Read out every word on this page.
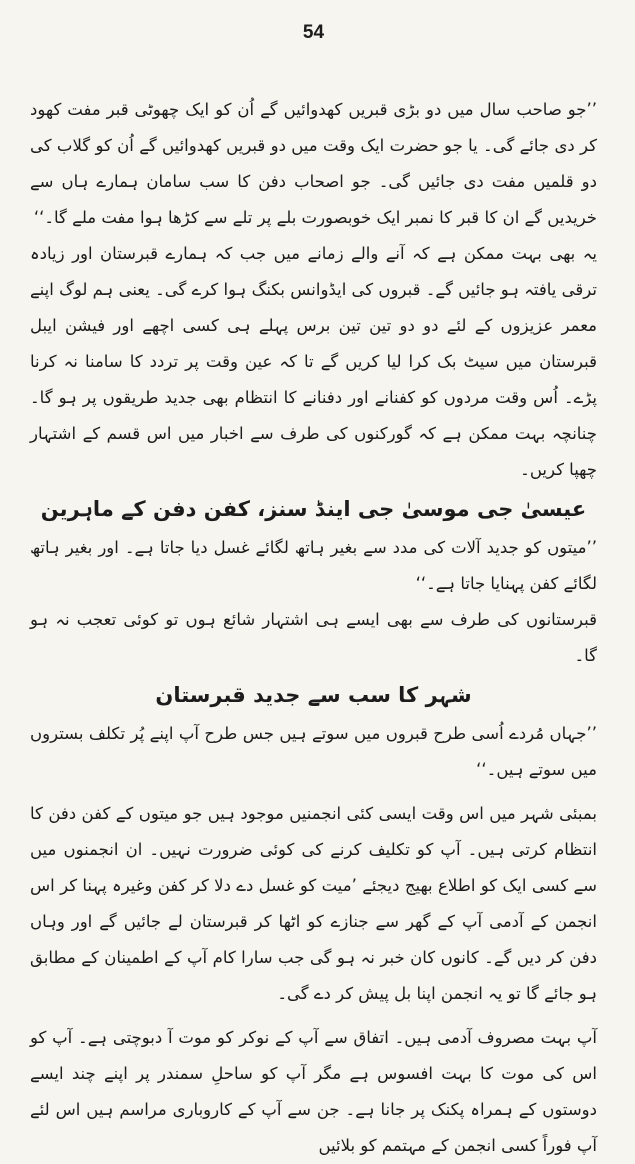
54

’’جو صاحب سال میں دو بڑی قبریں کھدوائیں گے اُن کو ایک چھوٹی قبر مفت کھود کر دی جائے گی۔ یا جو حضرت ایک وقت میں دو قبریں کھدوائیں گے اُن کو گلاب کی دو قلمیں مفت دی جائیں گی۔ جو اصحاب دفن کا سب سامان ہمارے ہاں سے خریدیں گے ان کا قبر کا نمبر ایک خوبصورت بلے پر تلے سے کڑھا ہوا مفت ملے گا۔‘‘

یہ بھی بہت ممکن ہے کہ آنے والے زمانے میں جب کہ ہمارے قبرستان اور زیادہ ترقی یافتہ ہو جائیں گے۔ قبروں کی ایڈوانس بکنگ ہوا کرے گی۔ یعنی ہم لوگ اپنے معمر عزیزوں کے لئے دو دو تین تین برس پہلے ہی کسی اچھے اور فیشن ایبل قبرستان میں سیٹ بک کرا لیا کریں گے تا کہ عین وقت پر تردد کا سامنا نہ کرنا پڑے۔ اُس وقت مردوں کو کفنانے اور دفنانے کا انتظام بھی جدید طریقوں پر ہو گا۔ چنانچہ بہت ممکن ہے کہ گورکنوں کی طرف سے اخبار میں اس قسم کے اشتہار چھپا کریں۔

عیسیٰ جی موسیٰ جی اینڈ سنز، کفن دفن کے ماہرین

’’میتوں کو جدید آلات کی مدد سے بغیر ہاتھ لگائے غسل دیا جاتا ہے۔ اور بغیر ہاتھ لگائے کفن پہنایا جاتا ہے۔‘‘

قبرستانوں کی طرف سے بھی ایسے ہی اشتہار شائع ہوں تو کوئی تعجب نہ ہو گا۔

شہر کا سب سے جدید قبرستان

’’جہاں مُردے اُسی طرح قبروں میں سوتے ہیں جس طرح آپ اپنے پُر تکلف بستروں میں سوتے ہیں۔‘‘

بمبئی شہر میں اس وقت ایسی کئی انجمنیں موجود ہیں جو میتوں کے کفن دفن کا انتظام کرتی ہیں۔ آپ کو تکلیف کرنے کی کوئی ضرورت نہیں۔ ان انجمنوں میں سے کسی ایک کو اطلاع بھیج دیجئے ’میت کو غسل دے دلا کر کفن وغیرہ پہنا کر اس انجمن کے آدمی آپ کے گھر سے جنازے کو اٹھا کر قبرستان لے جائیں گے اور وہاں دفن کر دیں گے۔ کانوں کان خبر نہ ہو گی جب سارا کام آپ کے اطمینان کے مطابق ہو جائے گا تو یہ انجمن اپنا بل پیش کر دے گی۔

آپ بہت مصروف آدمی ہیں۔ اتفاق سے آپ کے نوکر کو موت آ دبوچتی ہے۔ آپ کو اس کی موت کا بہت افسوس ہے مگر آپ کو ساحلِ سمندر پر اپنے چند ایسے دوستوں کے ہمراہ پکنک پر جانا ہے۔ جن سے آپ کے کاروباری مراسم ہیں اس لئے آپ فوراً کسی انجمن کے مہتمم کو بلائیں
